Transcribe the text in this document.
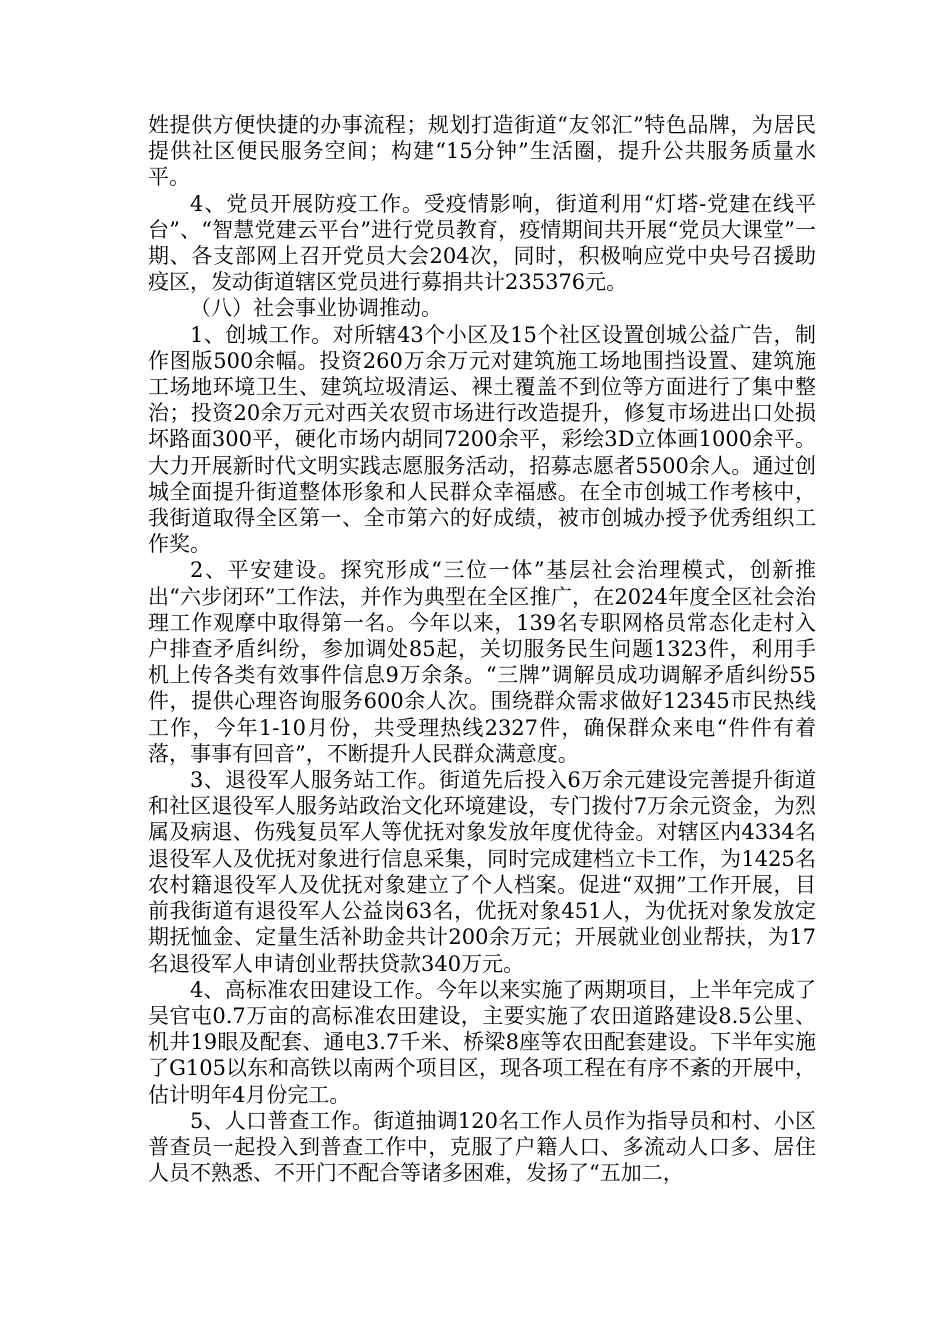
姓提供方便快捷的办事流程；规划打造街道“友邻汇”特色品牌，为居民提供社区便民服务空间；构建“15分钟”生活圈，提升公共服务质量水平。

4、党员开展防疫工作。受疫情影响，街道利用“灯塔-党建在线平台”、“智慧党建云平台”进行党员教育，疫情期间共开展“党员大课堂”一期、各支部网上召开党员大会204次，同时，积极响应党中央号召援助疫区，发动街道辖区党员进行募捐共计235376元。

（八）社会事业协调推动。

1、创城工作。对所辖43个小区及15个社区设置创城公益广告，制作图版500余幅。投资260万余万元对建筑施工场地围挡设置、建筑施工场地环境卫生、建筑垃圾清运、裸土覆盖不到位等方面进行了集中整治；投资20余万元对西关农贸市场进行改造提升，修复市场进出口处损坏路面300平，硬化市场内胡同7200余平，彩绘3D立体画1000余平。大力开展新时代文明实践志愿服务活动，招募志愿者5500余人。通过创城全面提升街道整体形象和人民群众幸福感。在全市创城工作考核中，我街道取得全区第一、全市第六的好成绩，被市创城办授予优秀组织工作奖。

2、平安建设。探究形成“三位一体”基层社会治理模式，创新推出“六步闭环”工作法，并作为典型在全区推广，在2024年度全区社会治理工作观摩中取得第一名。今年以来，139名专职网格员常态化走村入户排查矛盾纠纷，参加调处85起，关切服务民生问题1323件，利用手机上传各类有效事件信息9万余条。“三牌”调解员成功调解矛盾纠纷55件，提供心理咨询服务600余人次。围绕群众需求做好12345市民热线工作，今年1-10月份，共受理热线2327件，确保群众来电“件件有着落，事事有回音”，不断提升人民群众满意度。

3、退役军人服务站工作。街道先后投入6万余元建设完善提升街道和社区退役军人服务站政治文化环境建设，专门拨付7万余元资金，为烈属及病退、伤残复员军人等优抚对象发放年度优待金。对辖区内4334名退役军人及优抚对象进行信息采集，同时完成建档立卡工作，为1425名农村籍退役军人及优抚对象建立了个人档案。促进“双拥”工作开展，目前我街道有退役军人公益岗63名，优抚对象451人，为优抚对象发放定期抚恤金、定量生活补助金共计200余万元；开展就业创业帮扶，为17名退役军人申请创业帮扶贷款340万元。

4、高标准农田建设工作。今年以来实施了两期项目，上半年完成了吴官屯0.7万亩的高标准农田建设，主要实施了农田道路建设8.5公里、机井19眼及配套、通电3.7千米、桥梁8座等农田配套建设。下半年实施了G105以东和高铁以南两个项目区，现各项工程在有序不紊的开展中，估计明年4月份完工。

5、人口普查工作。街道抽调120名工作人员作为指导员和村、小区普查员一起投入到普查工作中，克服了户籍人口、多流动人口多、居住人员不熟悉、不开门不配合等诸多困难，发扬了“五加二，
